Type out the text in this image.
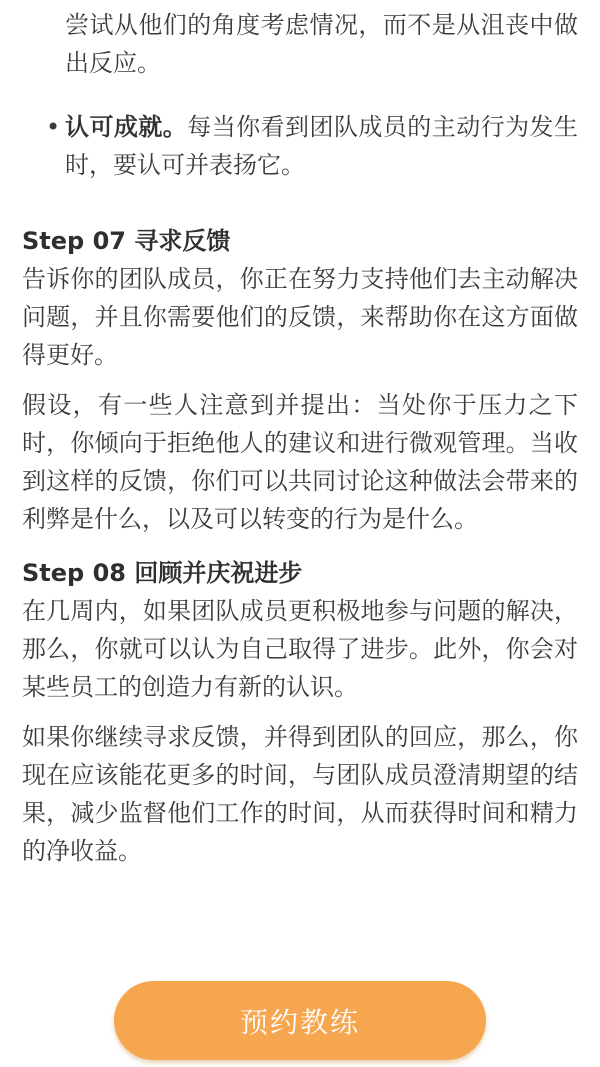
尝试从他们的角度考虑情况，而不是从沮丧中做出反应。

• 认可成就。每当你看到团队成员的主动行为发生时，要认可并表扬它。
Step 07 寻求反馈

告诉你的团队成员，你正在努力支持他们去主动解决问题，并且你需要他们的反馈，来帮助你在这方面做得更好。

假设，有一些人注意到并提出：当处你于压力之下时，你倾向于拒绝他人的建议和进行微观管理。当收到这样的反馈，你们可以共同讨论这种做法会带来的利弊是什么，以及可以转变的行为是什么。

Step 08 回顾并庆祝进步

在几周内，如果团队成员更积极地参与问题的解决，那么，你就可以认为自己取得了进步。此外，你会对某些员工的创造力有新的认识。

如果你继续寻求反馈，并得到团队的回应，那么，你现在应该能花更多的时间，与团队成员澄清期望的结果，减少监督他们工作的时间，从而获得时间和精力的净收益。

预约教练
